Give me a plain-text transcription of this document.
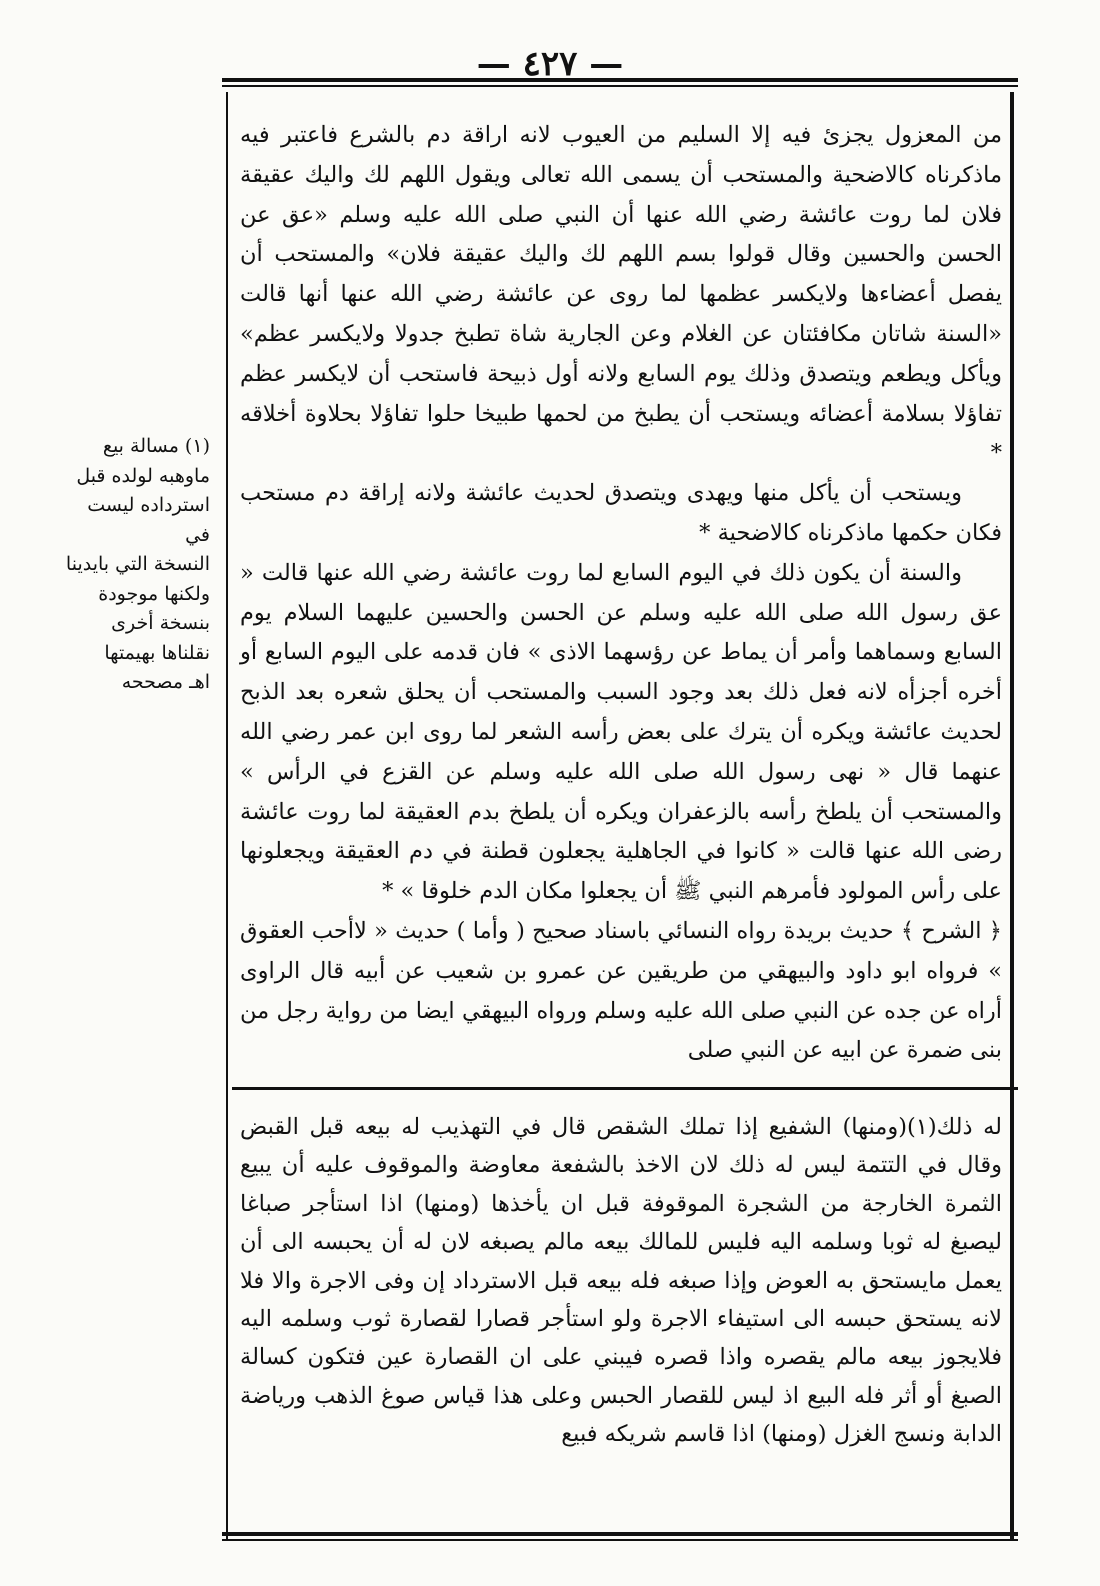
— ٤٢٧ —

(١) مسالة بيع

ماوهبه لولده قبل

استرداده ليست في

النسخة التي بايدينا

ولكنها موجودة

بنسخة أخرى

نقلناها بهيمتها

اهـ مصححه

من المعزول يجزئ فيه إلا السليم من العيوب لانه اراقة دم بالشرع فاعتبر فيه ماذكرناه كالاضحية والمستحب أن يسمى الله تعالى ويقول اللهم لك واليك عقيقة فلان لما روت عائشة رضي الله عنها أن النبي صلى الله عليه وسلم «عق عن الحسن والحسين وقال قولوا بسم اللهم لك واليك عقيقة فلان» والمستحب أن يفصل أعضاءها ولايكسر عظمها لما روى عن عائشة رضي الله عنها أنها قالت «السنة شاتان مكافئتان عن الغلام وعن الجارية شاة تطبخ جدولا ولايكسر عظم» ويأكل ويطعم ويتصدق وذلك يوم السابع ولانه أول ذبيحة فاستحب أن لايكسر عظم تفاؤلا بسلامة أعضائه ويستحب أن يطبخ من لحمها طبيخا حلوا تفاؤلا بحلاوة أخلاقه *

ويستحب أن يأكل منها ويهدى ويتصدق لحديث عائشة ولانه إراقة دم مستحب فكان حكمها ماذكرناه كالاضحية *

والسنة أن يكون ذلك في اليوم السابع لما روت عائشة رضي الله عنها قالت « عق رسول الله صلى الله عليه وسلم عن الحسن والحسين عليهما السلام يوم السابع وسماهما وأمر أن يماط عن رؤسهما الاذى » فان قدمه على اليوم السابع أو أخره أجزأه لانه فعل ذلك بعد وجود السبب والمستحب أن يحلق شعره بعد الذبح لحديث عائشة ويكره أن يترك على بعض رأسه الشعر لما روى ابن عمر رضي الله عنهما قال « نهى رسول الله صلى الله عليه وسلم عن القزع في الرأس » والمستحب أن يلطخ رأسه بالزعفران ويكره أن يلطخ بدم العقيقة لما روت عائشة رضى الله عنها قالت « كانوا في الجاهلية يجعلون قطنة في دم العقيقة ويجعلونها على رأس المولود فأمرهم النبي ﷺ أن يجعلوا مكان الدم خلوقا » *

﴿ الشرح ﴾ حديث بريدة رواه النسائي باسناد صحيح ( وأما ) حديث « لاأحب العقوق » فرواه ابو داود والبيهقي من طريقين عن عمرو بن شعيب عن أبيه قال الراوى أراه عن جده عن النبي صلى الله عليه وسلم ورواه البيهقي ايضا من رواية رجل من بنى ضمرة عن ابيه عن النبي صلى

له ذلك(١)(ومنها) الشفيع إذا تملك الشقص قال في التهذيب له بيعه قبل القبض وقال في التتمة ليس له ذلك لان الاخذ بالشفعة معاوضة والموقوف عليه أن يبيع الثمرة الخارجة من الشجرة الموقوفة قبل ان يأخذها (ومنها) اذا استأجر صباغا ليصبغ له ثوبا وسلمه اليه فليس للمالك بيعه مالم يصبغه لان له أن يحبسه الى أن يعمل مايستحق به العوض وإذا صبغه فله بيعه قبل الاسترداد إن وفى الاجرة والا فلا لانه يستحق حبسه الى استيفاء الاجرة ولو استأجر قصارا لقصارة ثوب وسلمه اليه فلايجوز بيعه مالم يقصره واذا قصره فيبني على ان القصارة عين فتكون كسالة الصبغ أو أثر فله البيع اذ ليس للقصار الحبس وعلى هذا قياس صوغ الذهب ورياضة الدابة ونسج الغزل (ومنها) اذا قاسم شريكه فبيع
